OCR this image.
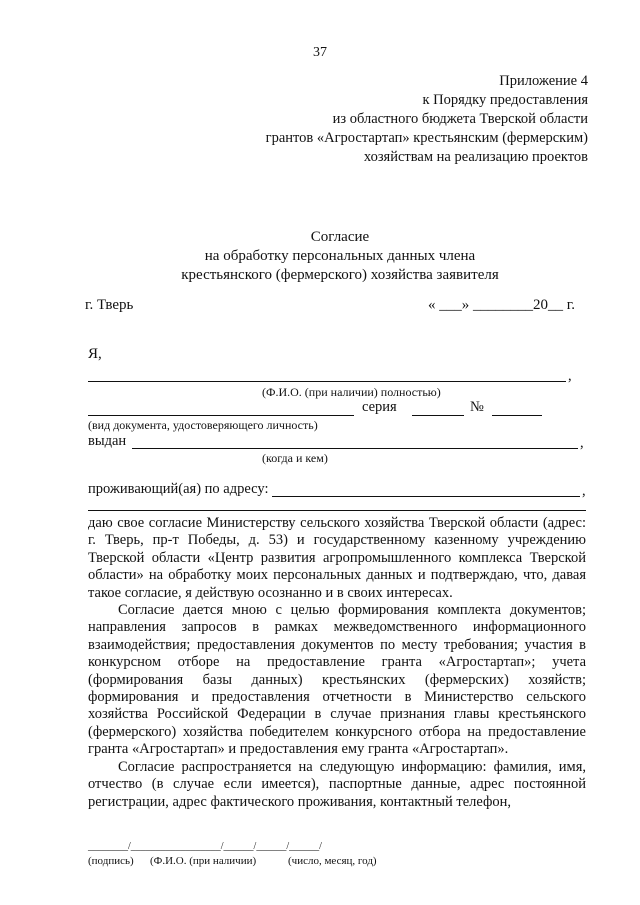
37
Приложение 4
к Порядку предоставления
из областного бюджета Тверской области
грантов «Агростартап» крестьянским (фермерским)
хозяйствам на реализацию проектов
Согласие
на обработку персональных данных члена
крестьянского (фермерского) хозяйства заявителя
г. Тверь	« ___» ________20__ г.
Я,
,
(Ф.И.О. (при наличии) полностью)
серия	№
(вид документа, удостоверяющего личность)
выдан	,
(когда и кем)
проживающий(ая) по адресу:	,

даю свое согласие Министерству сельского хозяйства Тверской области (адрес: г. Тверь, пр-т Победы, д. 53) и государственному казенному учреждению Тверской области «Центр развития агропромышленного комплекса Тверской области» на обработку моих персональных данных и подтверждаю, что, давая такое согласие, я действую осознанно и в своих интересах.

Согласие дается мною с целью формирования комплекта документов; направления запросов в рамках межведомственного информационного взаимодействия; предоставления документов по месту требования; участия в конкурсном отборе на предоставление гранта «Агростартап»; учета (формирования базы данных) крестьянских (фермерских) хозяйств; формирования и предоставления отчетности в Министерство сельского хозяйства Российской Федерации в случае признания главы крестьянского (фермерского) хозяйства победителем конкурсного отбора на предоставление гранта «Агростартап» и предоставления ему гранта «Агростартап».

Согласие распространяется на следующую информацию: фамилия, имя, отчество (в случае если имеется), паспортные данные, адрес постоянной регистрации, адрес фактического проживания, контактный телефон,

________/__________________/______/______/______/
(подпись) (Ф.И.О. (при наличии)	(число, месяц, год)
